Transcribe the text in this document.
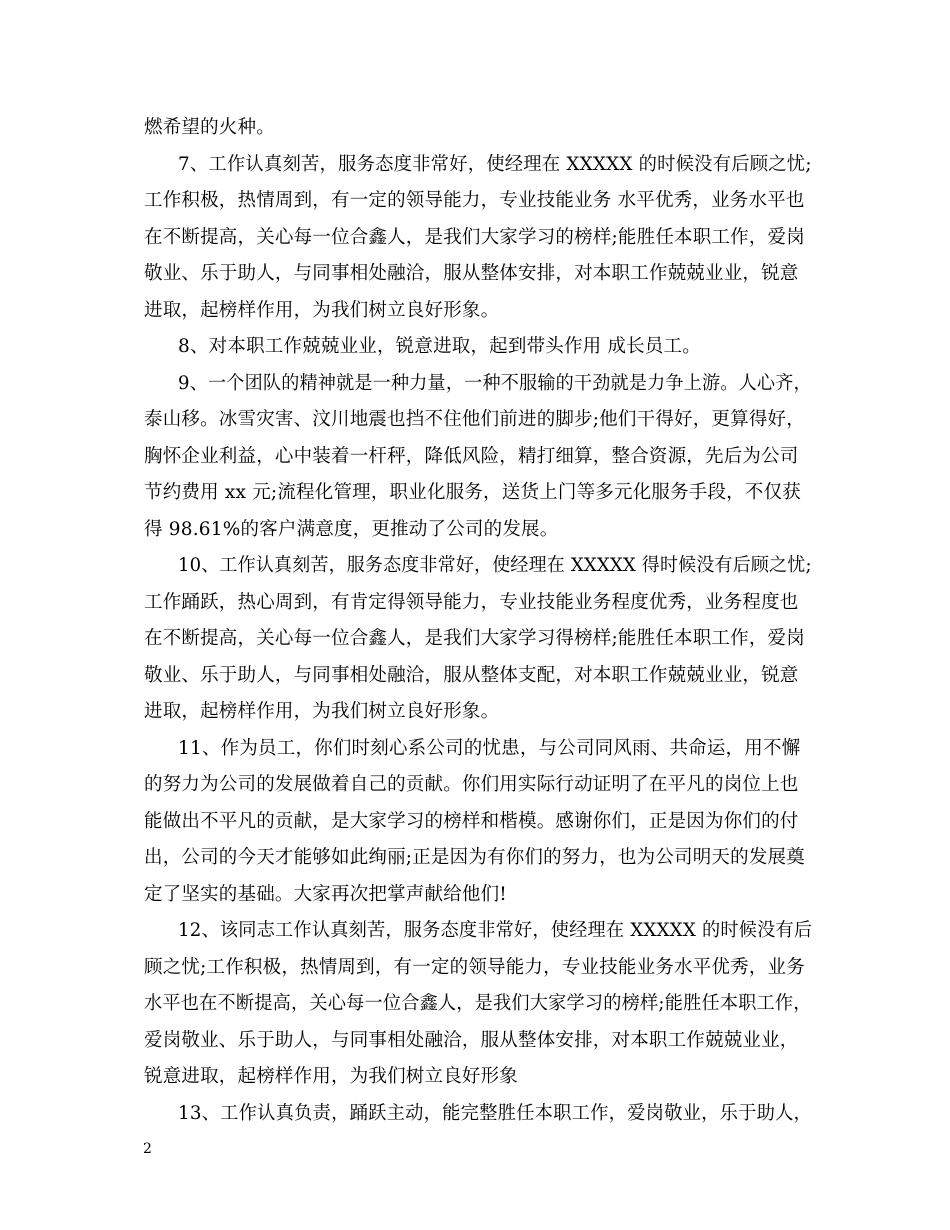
燃希望的火种。
7、工作认真刻苦，服务态度非常好，使经理在 XXXXX 的时候没有后顾之忧;
工作积极，热情周到，有一定的领导能力，专业技能业务 水平优秀，业务水平也
在不断提高，关心每一位合鑫人，是我们大家学习的榜样;能胜任本职工作，爱岗
敬业、乐于助人，与同事相处融洽，服从整体安排，对本职工作兢兢业业，锐意
进取，起榜样作用，为我们树立良好形象。
8、对本职工作兢兢业业，锐意进取，起到带头作用 成长员工。
9、一个团队的精神就是一种力量，一种不服输的干劲就是力争上游。人心齐，
泰山移。冰雪灾害、汶川地震也挡不住他们前进的脚步;他们干得好，更算得好，
胸怀企业利益，心中装着一杆秤，降低风险，精打细算，整合资源，先后为公司
节约费用 xx 元;流程化管理，职业化服务，送货上门等多元化服务手段，不仅获
得 98.61%的客户满意度，更推动了公司的发展。
10、工作认真刻苦，服务态度非常好，使经理在 XXXXX 得时候没有后顾之忧;
工作踊跃，热心周到，有肯定得领导能力，专业技能业务程度优秀，业务程度也
在不断提高，关心每一位合鑫人，是我们大家学习得榜样;能胜任本职工作，爱岗
敬业、乐于助人，与同事相处融洽，服从整体支配，对本职工作兢兢业业，锐意
进取，起榜样作用，为我们树立良好形象。
11、作为员工，你们时刻心系公司的忧患，与公司同风雨、共命运，用不懈
的努力为公司的发展做着自己的贡献。你们用实际行动证明了在平凡的岗位上也
能做出不平凡的贡献，是大家学习的榜样和楷模。感谢你们，正是因为你们的付
出，公司的今天才能够如此绚丽;正是因为有你们的努力，也为公司明天的发展奠
定了坚实的基础。大家再次把掌声献给他们!
12、该同志工作认真刻苦，服务态度非常好，使经理在 XXXXX 的时候没有后
顾之忧;工作积极，热情周到，有一定的领导能力，专业技能业务水平优秀，业务
水平也在不断提高，关心每一位合鑫人，是我们大家学习的榜样;能胜任本职工作，
爱岗敬业、乐于助人，与同事相处融洽，服从整体安排，对本职工作兢兢业业，
锐意进取，起榜样作用，为我们树立良好形象
13、工作认真负责，踊跃主动，能完整胜任本职工作，爱岗敬业，乐于助人，
2
